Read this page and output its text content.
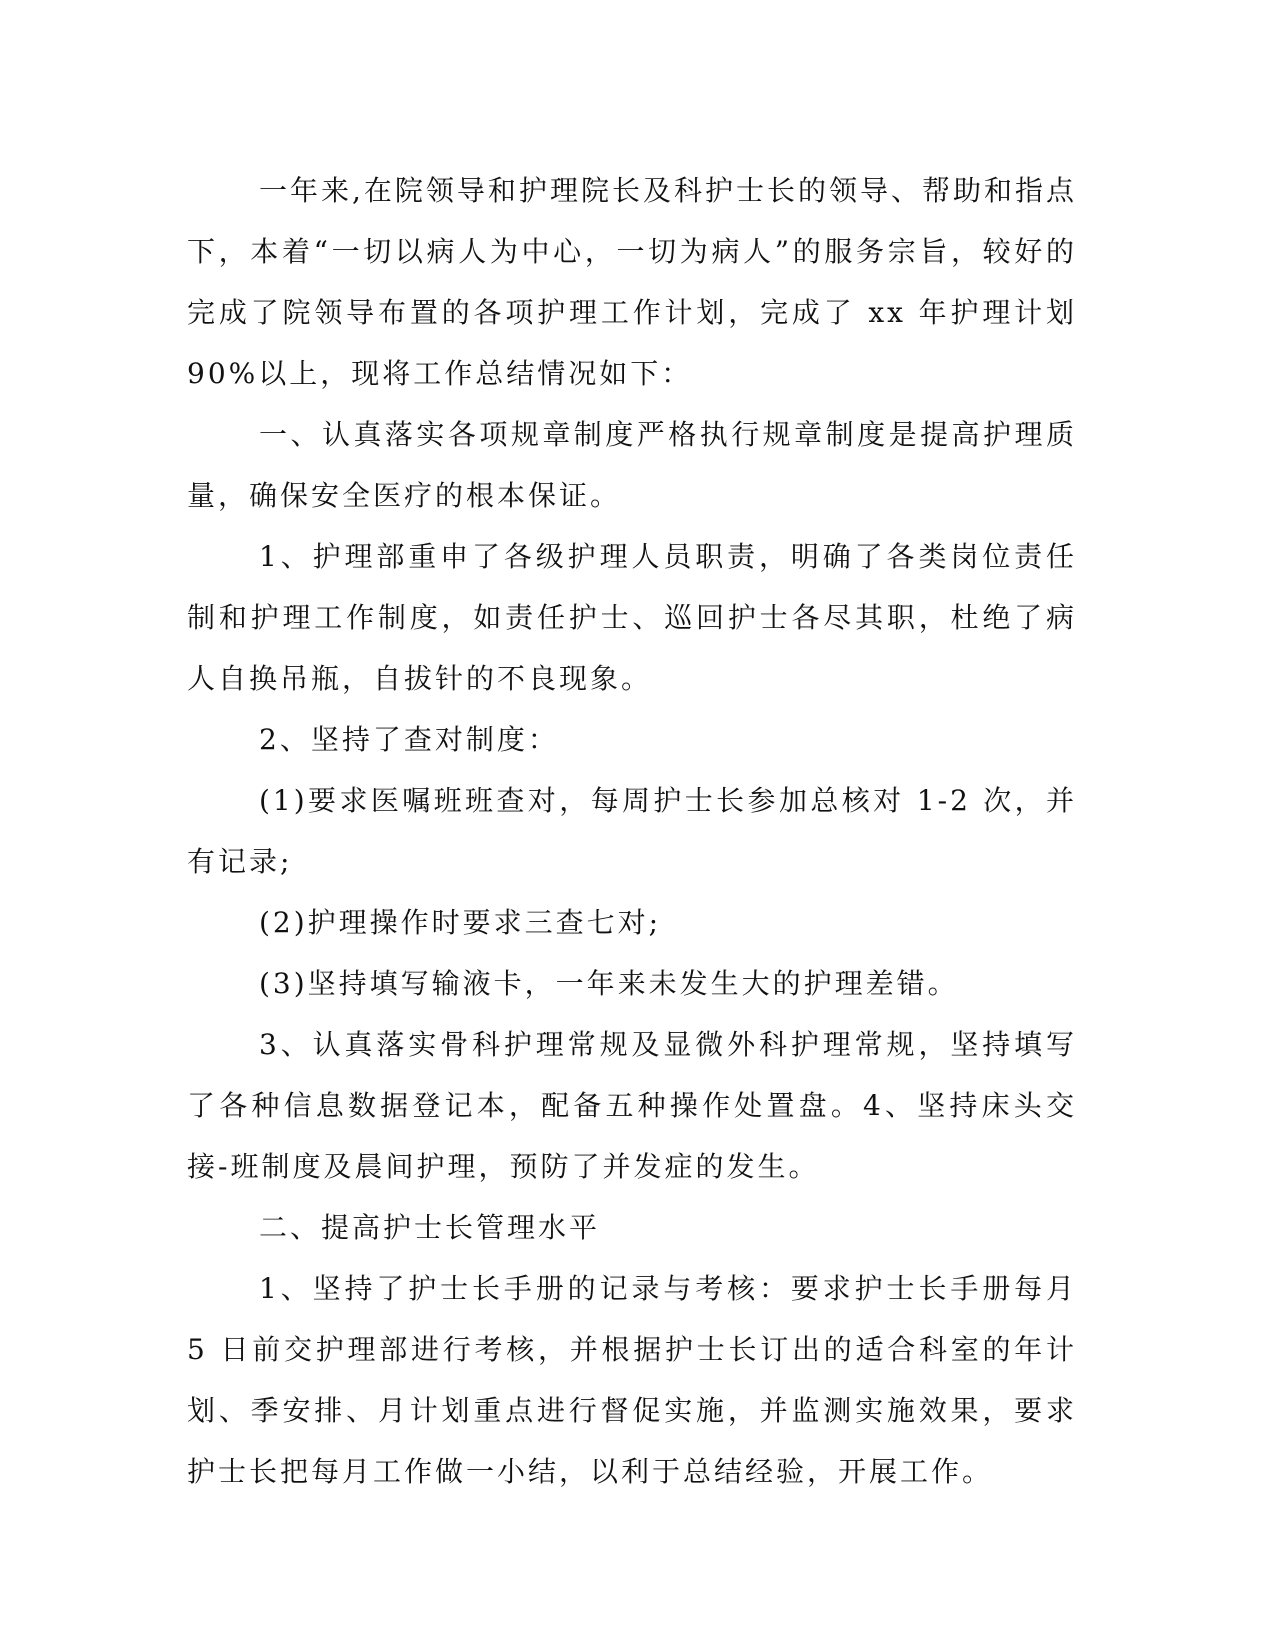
一年来,在院领导和护理院长及科护士长的领导、帮助和指点下，本着“一切以病人为中心，一切为病人”的服务宗旨，较好的完成了院领导布置的各项护理工作计划，完成了 xx 年护理计划 90%以上，现将工作总结情况如下：

一、认真落实各项规章制度严格执行规章制度是提高护理质量，确保安全医疗的根本保证。

1、护理部重申了各级护理人员职责，明确了各类岗位责任制和护理工作制度，如责任护士、巡回护士各尽其职，杜绝了病人自换吊瓶，自拔针的不良现象。

2、坚持了查对制度：

(1)要求医嘱班班查对，每周护士长参加总核对 1-2 次，并有记录;

(2)护理操作时要求三查七对;

(3)坚持填写输液卡，一年来未发生大的护理差错。

3、认真落实骨科护理常规及显微外科护理常规，坚持填写了各种信息数据登记本，配备五种操作处置盘。4、坚持床头交接-班制度及晨间护理，预防了并发症的发生。

二、提高护士长管理水平

1、坚持了护士长手册的记录与考核：要求护士长手册每月 5 日前交护理部进行考核，并根据护士长订出的适合科室的年计划、季安排、月计划重点进行督促实施，并监测实施效果，要求护士长把每月工作做一小结，以利于总结经验，开展工作。
